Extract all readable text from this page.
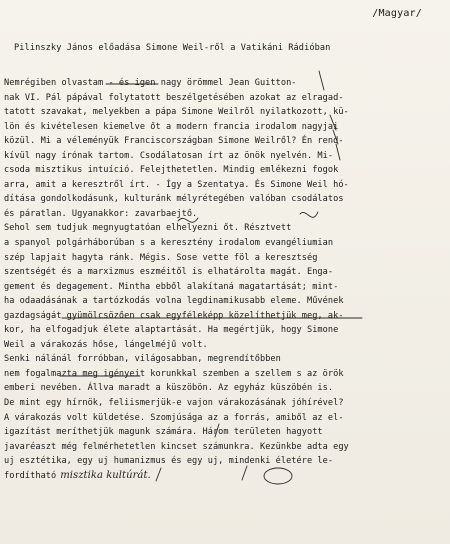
/Magyar/
Pilinszky János előadása Simone Weil-ről a Vatikáni Rádióban
Nemrégiben olvastam - és igen nagy örömmel Jean Guitton-
nak VI. Pál pápával folytatott beszélgetésében azokat az elragad-
tatott szavakat, melyekben a pápa Simone Weilről nyilatkozott, kü-
lön és kivételesen kiemelve őt a modern francia irodalom nagyjai
közül. Mi a véleményük Franciscországban Simone Weilről? Én rend-
kívül nagy írónak tartom. Csodálatosan írt az önök nyelvén. Mi-
csoda misztikus intuíció. Felejthetetlen. Mindig emlékezni fogok
arra, amit a keresztről írt. - Így a Szentatya. És Simone Weil hó-
dítása gondolkodásunk, kulturánk mélyrétegében valóban csodálatos
és páratlan. Ugyanakkor: zavarbaejtő.
Sehol sem tudjuk megnyugtatóan elhelyezni őt. Résztvett
a spanyol polgárháborúban s a keresztény irodalom evangéliumian
szép lapjait hagyta ránk. Mégis. Sose vette föl a keresztség
szentségét és a marxizmus eszméitől is elhatárolta magát. Enga-
gement és degagement. Mintha ebből alakítaná magatartását; mint-
ha odaadásának a tartózkodás volna legdinamikusabb eleme. Művének
gazdagságát gyümölcsözően csak egyféleképp közelíthetjük meg, ak-
kor, ha elfogadjuk élete alaptartását. Ha megértjük, hogy Simone
Weil a várakozás hőse, lángelméjű volt.
Senki nálánál forróbban, világosabban, megrendítőbben
nem fogalmazta meg igényeit korunkkal szemben a szellem s az örök
emberi nevében. Állva maradt a küszöbön. Az egyház küszöbén is.
De mint egy hírnök, feliismerjük-e vajon várakozásának jóhírével?
A várakozás volt küldetése. Szomjúsága az a forrás, amiből az el-
igazítást meríthetjük magunk számára. Három területen hagyott
javaréaszt még felmérhetetlen kincset számunkra. Kezünkbe adta egy
uj esztétika, egy uj humanizmus és egy uj, mindenki életére le-
fordítható misztika kultúrát.
